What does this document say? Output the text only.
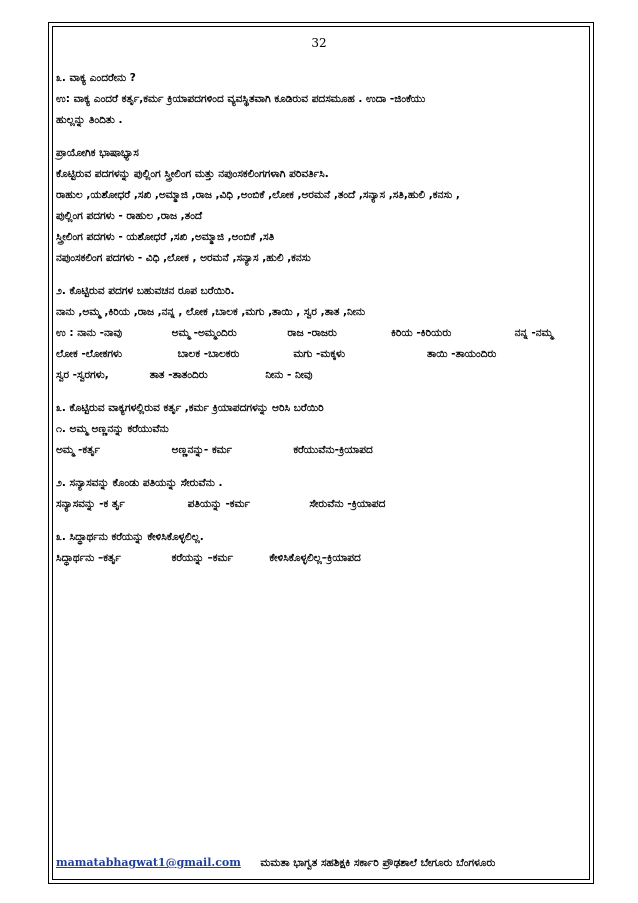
32
೩. ವಾಕ್ಯ ಎಂದರೇನು ?
ಉ: ವಾಕ್ಯ ಎಂದರೆ ಕರ್ತೃ,ಕರ್ಮ ಕ್ರಿಯಾಪದಗಳಿಂದ ವ್ಯವಸ್ಥಿತವಾಗಿ ಕೂಡಿರುವ ಪದಸಮೂಹ . ಉದಾ -ಜಿಂಕೆಯು
ಹುಲ್ಲನ್ನು ತಿಂದಿತು .
ಪ್ರಾಯೋಗಿಕ ಭಾಷಾಭ್ಯಾಸ
ಕೊಟ್ಟಿರುವ ಪದಗಳನ್ನು ಪುಲ್ಲಿಂಗ ಸ್ತ್ರೀಲಿಂಗ ಮತ್ತು ನಪುಂಸಕಲಿಂಗಗಳಾಗಿ ಪರಿವರ್ತಿಸಿ.
ರಾಹುಲ ,ಯಶೋಧರೆ ,ಸಖಿ ,ಅಮ್ಮಾಜಿ ,ರಾಜ ,ವಿಧಿ ,ಅಂಬಿಕೆ ,ಲೋಕ ,ಅರಮನೆ ,ತಂದೆ ,ಸನ್ಯಾಸ ,ಸತಿ,ಹುಲಿ ,ಕನಸು ,
ಪುಲ್ಲಿಂಗ ಪದಗಳು - ರಾಹುಲ ,ರಾಜ ,ತಂದೆ
ಸ್ತ್ರೀಲಿಂಗ ಪದಗಳು - ಯಶೋಧರೆ ,ಸಖಿ ,ಅಮ್ಮಾಜಿ ,ಅಂಬಿಕೆ ,ಸತಿ
ನಪುಂಸಕಲಿಂಗ ಪದಗಳು - ವಿಧಿ ,ಲೋಕ , ಅರಮನೆ ,ಸನ್ಯಾಸ ,ಹುಲಿ ,ಕನಸು
೨. ಕೊಟ್ಟಿರುವ ಪದಗಳ ಬಹುವಚನ ರೂಪ ಬರೆಯಿರಿ.
ನಾನು ,ಅಮ್ಮ ,ಕಿರಿಯ ,ರಾಜ ,ನನ್ನ , ಲೋಕ ,ಬಾಲಕ ,ಮಗು ,ತಾಯಿ , ಸ್ವರ ,ತಾತ ,ನೀನು
ಉ : ನಾನು -ನಾವು	ಅಮ್ಮ -ಅಮ್ಮಂದಿರು	ರಾಜ -ರಾಜರು	ಕಿರಿಯ -ಕಿರಿಯರು	ನನ್ನ -ನಮ್ಮ
ಲೋಕ -ಲೋಕಗಳು	ಬಾಲಕ -ಬಾಲಕರು	ಮಗು -ಮಕ್ಕಳು	ತಾಯಿ -ತಾಯಂದಿರು
ಸ್ವರ -ಸ್ವರಗಳು,	ತಾತ -ತಾತಂದಿರು	ನೀನು - ನೀವು
೩. ಕೊಟ್ಟಿರುವ ವಾಕ್ಯಗಳಲ್ಲಿರುವ ಕರ್ತೃ ,ಕರ್ಮ ಕ್ರಿಯಾಪದಗಳನ್ನು ಆರಿಸಿ ಬರೆಯಿರಿ
೧. ಅಮ್ಮ ಅಣ್ಣನನ್ನು ಕರೆಯುವೆನು
ಅಮ್ಮ -ಕರ್ತೃ	ಅಣ್ಣನನ್ನು- ಕರ್ಮ	ಕರೆಯುವೆನು-ಕ್ರಿಯಾಪದ
೨. ಸನ್ಯಾಸವನ್ನು ಕೊಂಡು ಪತಿಯನ್ನು ಸೇರುವೆನು .
ಸನ್ಯಾಸವನ್ನು -ಕ ರ್ತೃ	ಪತಿಯನ್ನು -ಕರ್ಮ	ಸೇರುವೆನು -ಕ್ರಿಯಾಪದ
೩. ಸಿದ್ಧಾರ್ಥನು ಕರೆಯನ್ನು ಕೇಳಿಸಿಕೊಳ್ಳಲಿಲ್ಲ.
ಸಿದ್ಧಾರ್ಥನು –ಕರ್ತೃ	ಕರೆಯನ್ನು –ಕರ್ಮ	ಕೇಳಿಸಿಕೊಳ್ಳಲಿಲ್ಲ–ಕ್ರಿಯಾಪದ
mamatabhagwat1@gmail.com ಮಮತಾ ಭಾಗ್ವತ ಸಹಶಿಕ್ಷಕಿ ಸರ್ಕಾರಿ ಪ್ರೌಢಶಾಲೆ ಬೇಗೂರು ಬೆಂಗಳೂರು
